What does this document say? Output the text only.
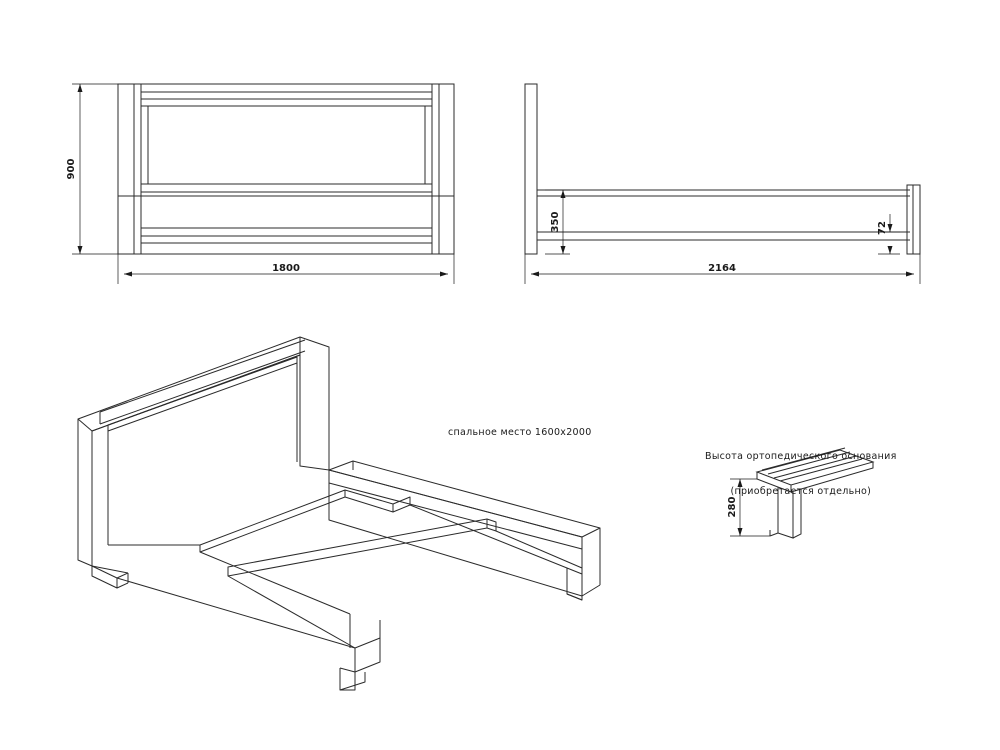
900
1800
350	72
2164
280
спальное место 1600x2000

Высота ортопедического основания

(приобретается отдельно)
